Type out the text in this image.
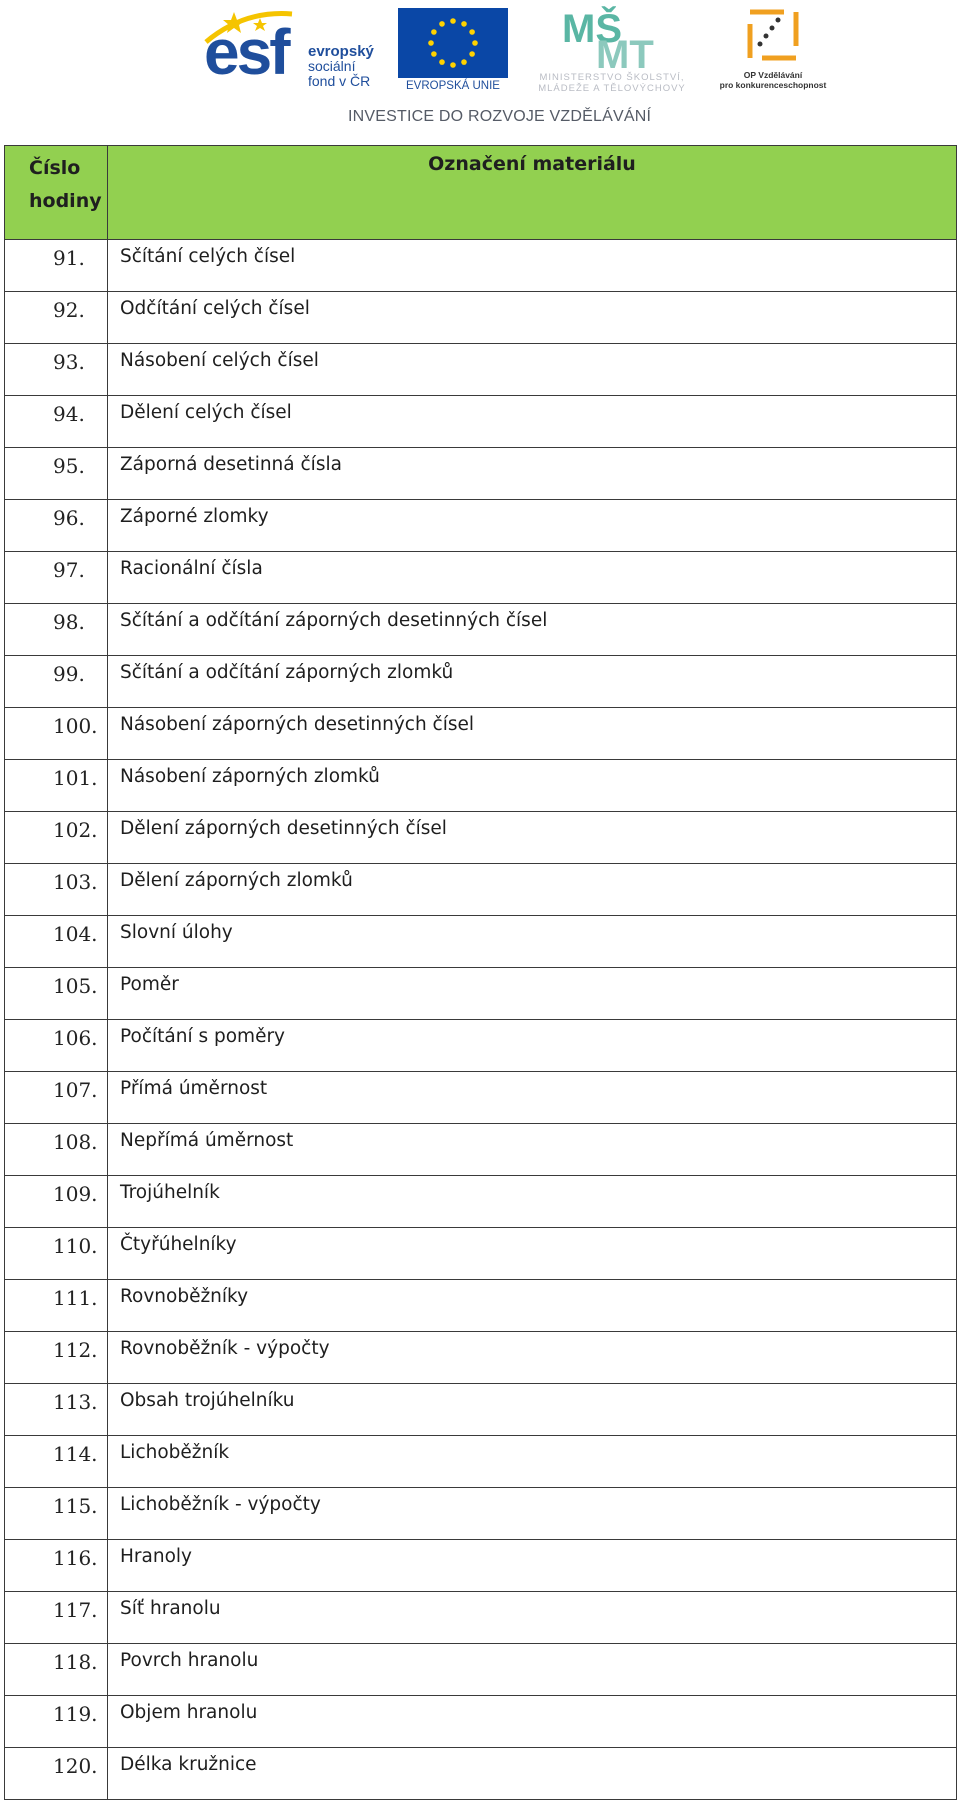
esf evropský
sociální
fond v ČR	EVROPSKÁ UNIE
MŠ
MT
MINISTERSTVO ŠKOLSTVÍ,
MLÁDEŽE A TĚLOVÝCHOVY
OP Vzdělávání
pro konkurenceschopnost
INVESTICE DO ROZVOJE VZDĚLÁVÁNÍ
Číslo
hodiny	Označení materiálu
91.	Sčítání celých čísel
92.	Odčítání celých čísel
93.	Násobení celých čísel
94.	Dělení celých čísel
95.	Záporná desetinná čísla
96.	Záporné zlomky
97.	Racionální čísla
98.	Sčítání a odčítání záporných desetinných čísel
99.	Sčítání a odčítání záporných zlomků
100.	Násobení záporných desetinných čísel
101.	Násobení záporných zlomků
102.	Dělení záporných desetinných čísel
103.	Dělení záporných zlomků
104.	Slovní úlohy
105.	Poměr
106.	Počítání s poměry
107.	Přímá úměrnost
108.	Nepřímá úměrnost
109.	Trojúhelník
110.	Čtyřúhelníky
111.	Rovnoběžníky
112.	Rovnoběžník - výpočty
113.	Obsah trojúhelníku
114.	Lichoběžník
115.	Lichoběžník - výpočty
116.	Hranoly
117.	Síť hranolu
118.	Povrch hranolu
119.	Objem hranolu
120.	Délka kružnice
